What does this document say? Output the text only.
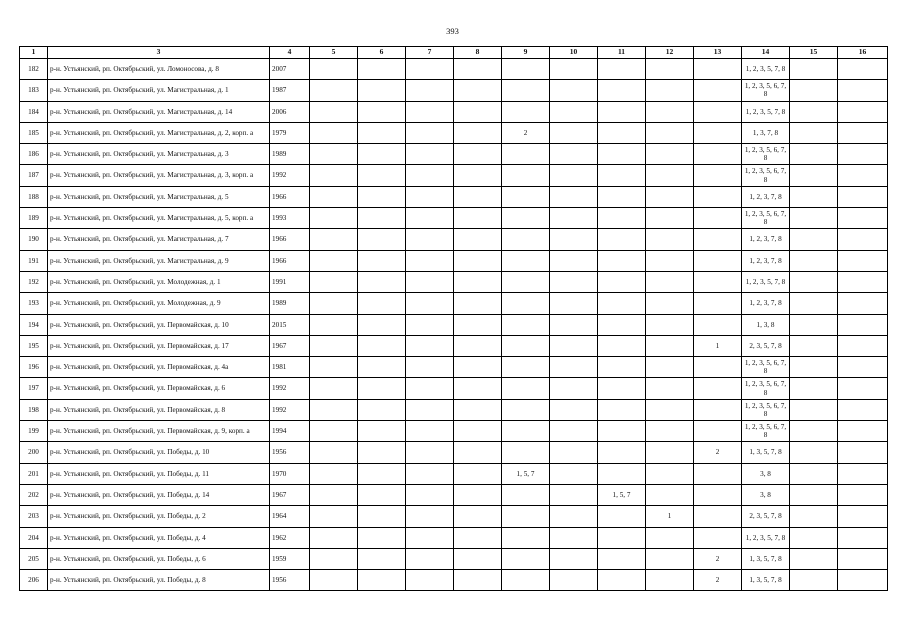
393
1	3	4	5	6	7	8	9	10	11	12	13	14	15	16
182	р-н. Устьянский, рп. Октябрьский, ул. Ломоносова, д. 8	2007										1, 2, 3, 5, 7, 8		
183	р-н. Устьянский, рп. Октябрьский, ул. Магистральная, д. 1	1987										1, 2, 3, 5, 6, 7, 8		
184	р-н. Устьянский, рп. Октябрьский, ул. Магистральная, д. 14	2006										1, 2, 3, 5, 7, 8		
185	р-н. Устьянский, рп. Октябрьский, ул. Магистральная, д. 2, корп. а	1979					2					1, 3, 7, 8		
186	р-н. Устьянский, рп. Октябрьский, ул. Магистральная, д. 3	1989										1, 2, 3, 5, 6, 7, 8		
187	р-н. Устьянский, рп. Октябрьский, ул. Магистральная, д. 3, корп. а	1992										1, 2, 3, 5, 6, 7, 8		
188	р-н. Устьянский, рп. Октябрьский, ул. Магистральная, д. 5	1966										1, 2, 3, 7, 8		
189	р-н. Устьянский, рп. Октябрьский, ул. Магистральная, д. 5, корп. а	1993										1, 2, 3, 5, 6, 7, 8		
190	р-н. Устьянский, рп. Октябрьский, ул. Магистральная, д. 7	1966										1, 2, 3, 7, 8		
191	р-н. Устьянский, рп. Октябрьский, ул. Магистральная, д. 9	1966										1, 2, 3, 7, 8		
192	р-н. Устьянский, рп. Октябрьский, ул. Молодежная, д. 1	1991										1, 2, 3, 5, 7, 8		
193	р-н. Устьянский, рп. Октябрьский, ул. Молодежная, д. 9	1989										1, 2, 3, 7, 8		
194	р-н. Устьянский, рп. Октябрьский, ул. Первомайская, д. 10	2015										1, 3, 8		
195	р-н. Устьянский, рп. Октябрьский, ул. Первомайская, д. 17	1967									1	2, 3, 5, 7, 8		
196	р-н. Устьянский, рп. Октябрьский, ул. Первомайская, д. 4а	1981										1, 2, 3, 5, 6, 7, 8		
197	р-н. Устьянский, рп. Октябрьский, ул. Первомайская, д. 6	1992										1, 2, 3, 5, 6, 7, 8		
198	р-н. Устьянский, рп. Октябрьский, ул. Первомайская, д. 8	1992										1, 2, 3, 5, 6, 7, 8		
199	р-н. Устьянский, рп. Октябрьский, ул. Первомайская, д. 9, корп. а	1994										1, 2, 3, 5, 6, 7, 8		
200	р-н. Устьянский, рп. Октябрьский, ул. Победы, д. 10	1956									2	1, 3, 5, 7, 8		
201	р-н. Устьянский, рп. Октябрьский, ул. Победы, д. 11	1970					1, 5, 7					3, 8		
202	р-н. Устьянский, рп. Октябрьский, ул. Победы, д. 14	1967							1, 5, 7			3, 8		
203	р-н. Устьянский, рп. Октябрьский, ул. Победы, д. 2	1964								1		2, 3, 5, 7, 8		
204	р-н. Устьянский, рп. Октябрьский, ул. Победы, д. 4	1962										1, 2, 3, 5, 7, 8		
205	р-н. Устьянский, рп. Октябрьский, ул. Победы, д. 6	1959									2	1, 3, 5, 7, 8		
206	р-н. Устьянский, рп. Октябрьский, ул. Победы, д. 8	1956									2	1, 3, 5, 7, 8		
